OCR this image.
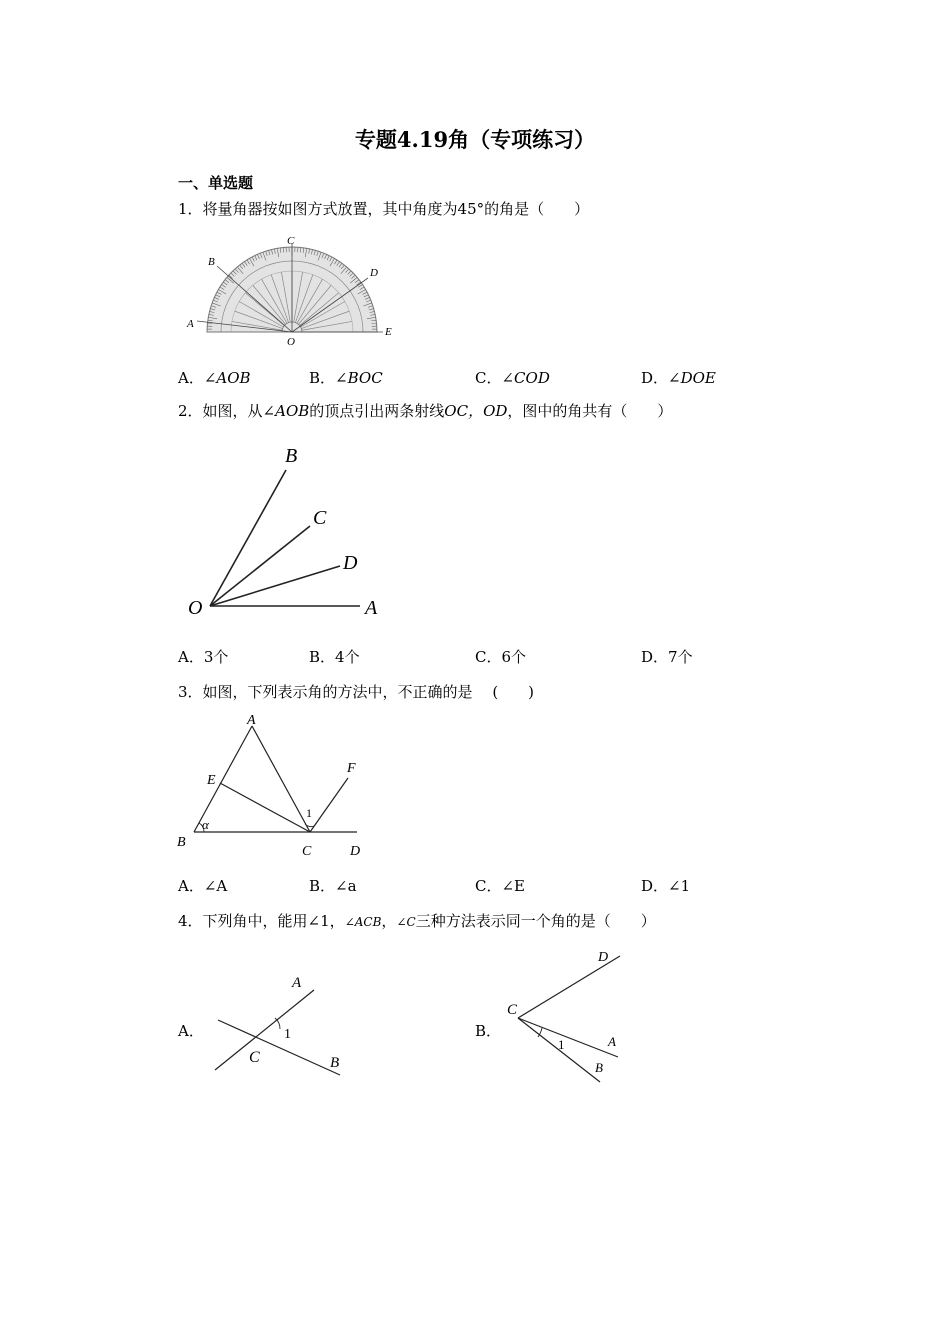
专题4.19角（专项练习）
一、单选题
1．将量角器按如图方式放置，其中角度为45°的角是（　　）
A
B
C
D
E
O
A．∠AOB	B．∠BOC	C．∠COD	D．∠DOE
2．如图，从∠AOB的顶点引出两条射线OC，OD，图中的角共有（　　）
B
C
D
A
O
A．3个	B．4个	C．6个	D．7个
3．如图，下列表示角的方法中，不正确的是　 (　　)
A
E
F
B
C	D
α
1
A．∠A	B．∠a	C．∠E	D．∠1
4．下列角中，能用∠1，∠ACB，∠C三种方法表示同一个角的是（　　）
A．
A
1
C	B
B．
D
C
A
1
B
